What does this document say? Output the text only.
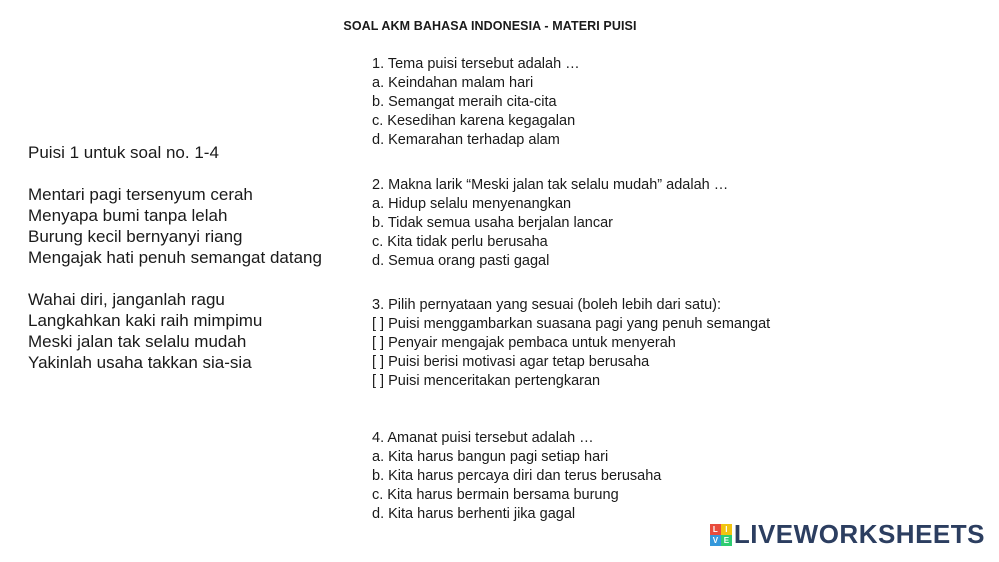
SOAL AKM BAHASA INDONESIA - MATERI PUISI
Puisi 1 untuk soal no. 1-4
Mentari pagi tersenyum cerah
Menyapa bumi tanpa lelah
Burung kecil bernyanyi riang
Mengajak hati penuh semangat datang
Wahai diri, janganlah ragu
Langkahkan kaki raih mimpimu
Meski jalan tak selalu mudah
Yakinlah usaha takkan sia-sia
1. Tema puisi tersebut adalah …
a. Keindahan malam hari
b. Semangat meraih cita-cita
c. Kesedihan karena kegagalan
d. Kemarahan terhadap alam
2. Makna larik “Meski jalan tak selalu mudah” adalah …
a. Hidup selalu menyenangkan
b. Tidak semua usaha berjalan lancar
c. Kita tidak perlu berusaha
d. Semua orang pasti gagal
3. Pilih pernyataan yang sesuai (boleh lebih dari satu):
[ ] Puisi menggambarkan suasana pagi yang penuh semangat
[ ] Penyair mengajak pembaca untuk menyerah
[ ] Puisi berisi motivasi agar tetap berusaha
[ ] Puisi menceritakan pertengkaran
4. Amanat puisi tersebut adalah …
a. Kita harus bangun pagi setiap hari
b. Kita harus percaya diri dan terus berusaha
c. Kita harus bermain bersama burung
d. Kita harus berhenti jika gagal
L I
V E LIVEWORKSHEETS
